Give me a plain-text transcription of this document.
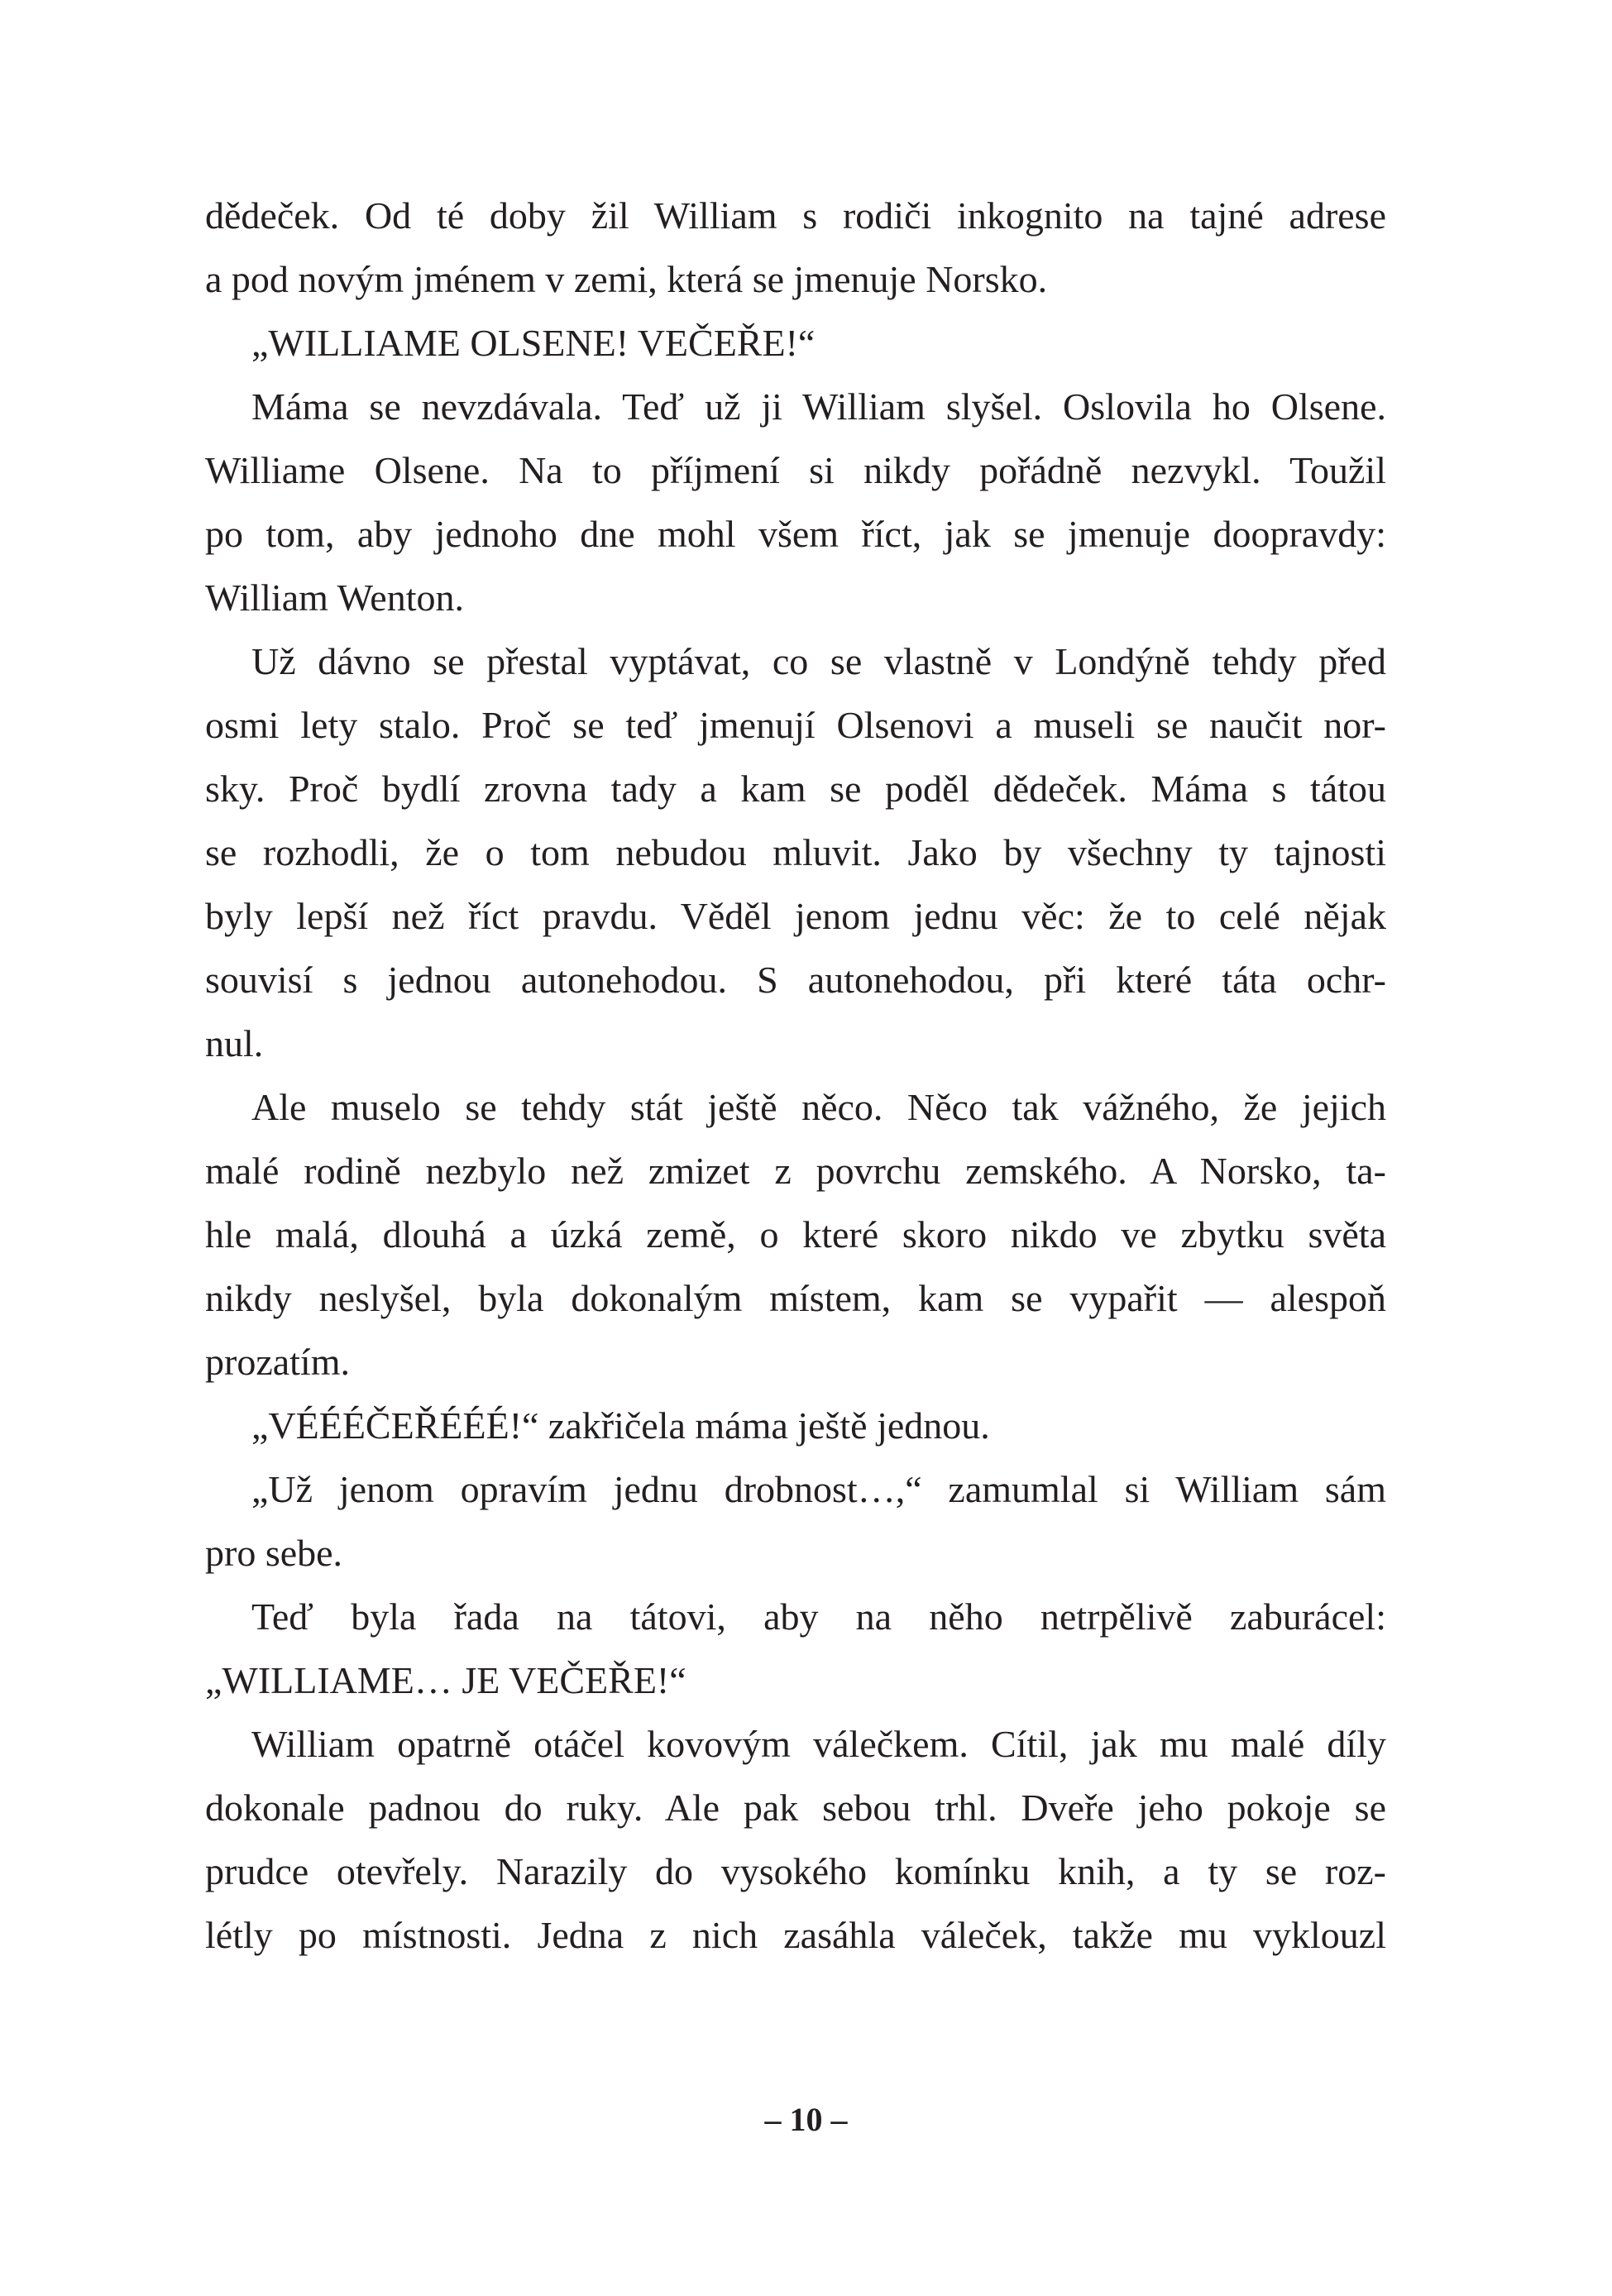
dědeček. Od té doby žil William s rodiči inkognito na tajné adrese
a pod novým jménem v zemi, která se jmenuje Norsko.
„WILLIAME OLSENE! VEČEŘE!“
Máma se nevzdávala. Teď už ji William slyšel. Oslovila ho Olsene.
Williame Olsene. Na to příjmení si nikdy pořádně nezvykl. Toužil
po tom, aby jednoho dne mohl všem říct, jak se jmenuje doopravdy:
William Wenton.
Už dávno se přestal vyptávat, co se vlastně v Londýně tehdy před
osmi lety stalo. Proč se teď jmenují Olsenovi a museli se naučit nor-
sky. Proč bydlí zrovna tady a kam se poděl dědeček. Máma s tátou
se rozhodli, že o tom nebudou mluvit. Jako by všechny ty tajnosti
byly lepší než říct pravdu. Věděl jenom jednu věc: že to celé nějak
souvisí s jednou autonehodou. S autonehodou, při které táta ochr-
nul.
Ale muselo se tehdy stát ještě něco. Něco tak vážného, že jejich
malé rodině nezbylo než zmizet z povrchu zemského. A Norsko, ta-
hle malá, dlouhá a úzká země, o které skoro nikdo ve zbytku světa
nikdy neslyšel, byla dokonalým místem, kam se vypařit — alespoň
prozatím.
„VÉÉÉČEŘÉÉÉ!“ zakřičela máma ještě jednou.
„Už jenom opravím jednu drobnost…,“ zamumlal si William sám
pro sebe.
Teď byla řada na tátovi, aby na něho netrpělivě zaburácel:
„WILLIAME… JE VEČEŘE!“
William opatrně otáčel kovovým válečkem. Cítil, jak mu malé díly
dokonale padnou do ruky. Ale pak sebou trhl. Dveře jeho pokoje se
prudce otevřely. Narazily do vysokého komínku knih, a ty se roz-
létly po místnosti. Jedna z nich zasáhla váleček, takže mu vyklouzl
– 10 –
